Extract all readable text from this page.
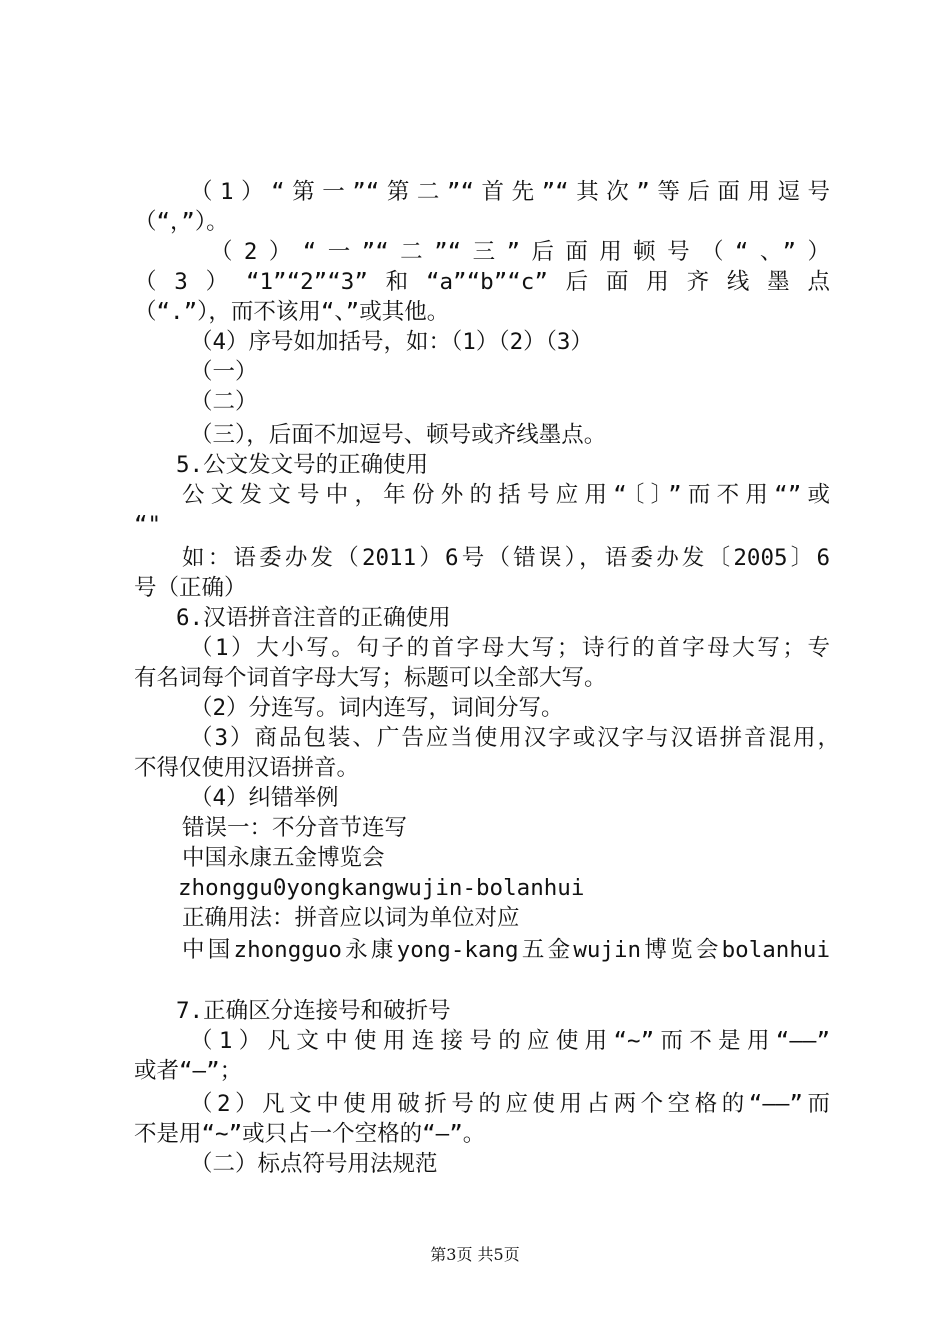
（1）“第一”“第二”“首先”“其次”等后面用逗号
（“，”）。
（2）“一”“二”“三”后面用顿号（“、”）
（3）“1”“2”“3”和“a”“b”“c”后面用齐线墨点
（“.”），而不该用“、”或其他。
（4）序号如加括号，如：（1）（2）（3）
（一）
（二）
（三），后面不加逗号、顿号或齐线墨点。
5.公文发文号的正确使用
公文发文号中，年份外的括号应用“〔〕”而不用“”或
“"
如：语委办发（2011）6号（错误），语委办发〔2005〕6
号（正确）
6.汉语拼音注音的正确使用
（1）大小写。句子的首字母大写；诗行的首字母大写；专
有名词每个词首字母大写；标题可以全部大写。
（2）分连写。词内连写，词间分写。
（3）商品包装、广告应当使用汉字或汉字与汉语拼音混用，
不得仅使用汉语拼音。
（4）纠错举例
错误一：不分音节连写
中国永康五金博览会
zhonggu0yongkangwujin-bolanhui
正确用法：拼音应以词为单位对应
中国zhongguo永康yong-kang五金wujin博览会bolanhui
7.正确区分连接号和破折号
（1）凡文中使用连接号的应使用“~”而不是用“——”
或者“—”；
（2）凡文中使用破折号的应使用占两个空格的“——”而
不是用“~”或只占一个空格的“—”。
（二）标点符号用法规范
第3页 共5页
